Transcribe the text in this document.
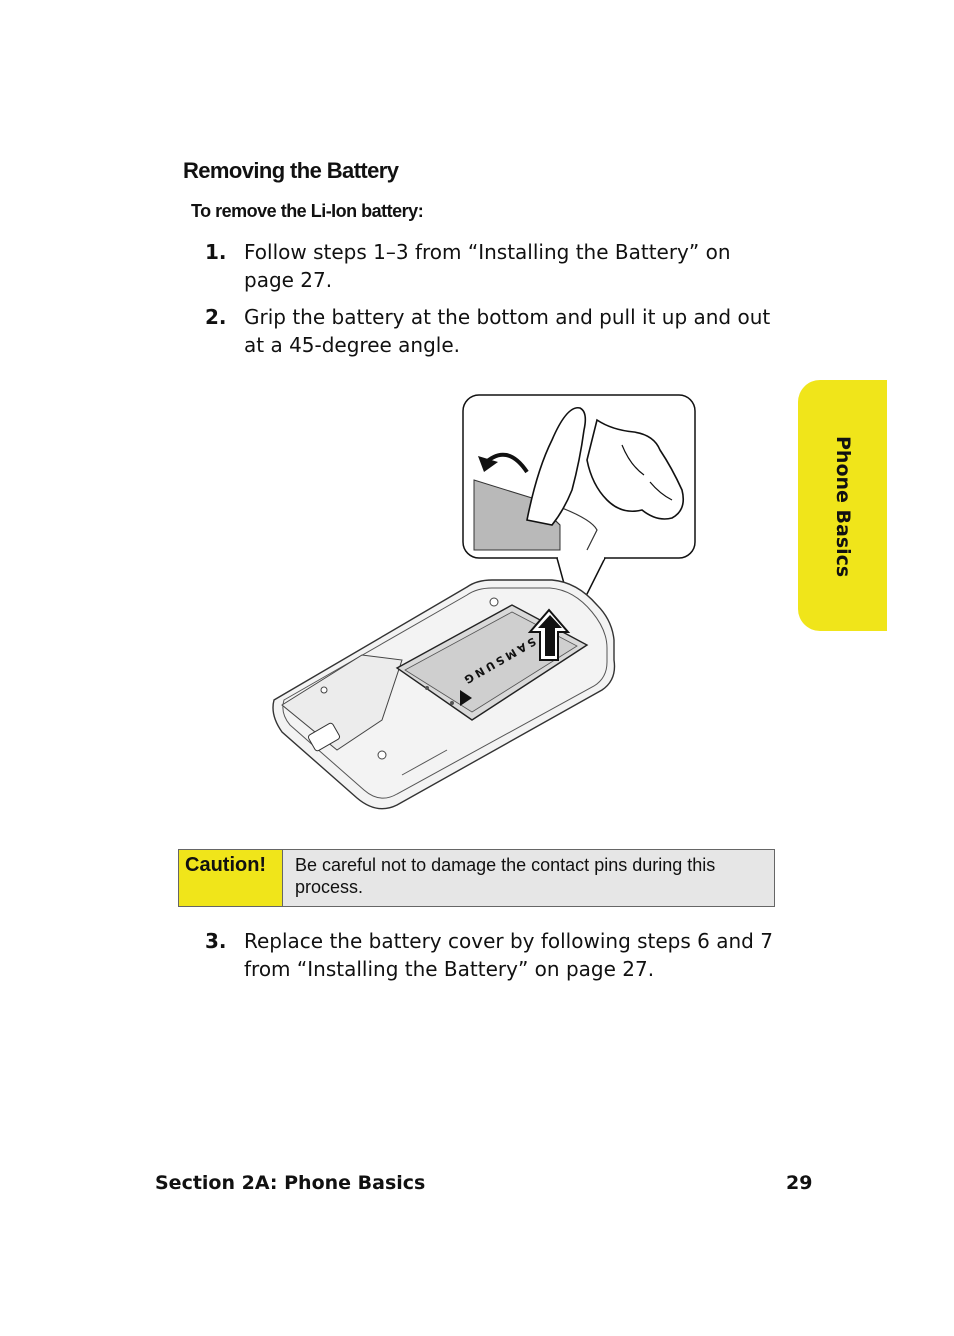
Removing the Battery
To remove the Li-Ion battery:
1. Follow steps 1–3 from “Installing the Battery” on page 27.
2. Grip the battery at the bottom and pull it up and out at a 45-degree angle.
Phone Basics
SAMSUNG
Caution!	Be careful not to damage the contact pins during this process.
3. Replace the battery cover by following steps 6 and 7 from “Installing the Battery” on page 27.
Section 2A: Phone Basics	29
